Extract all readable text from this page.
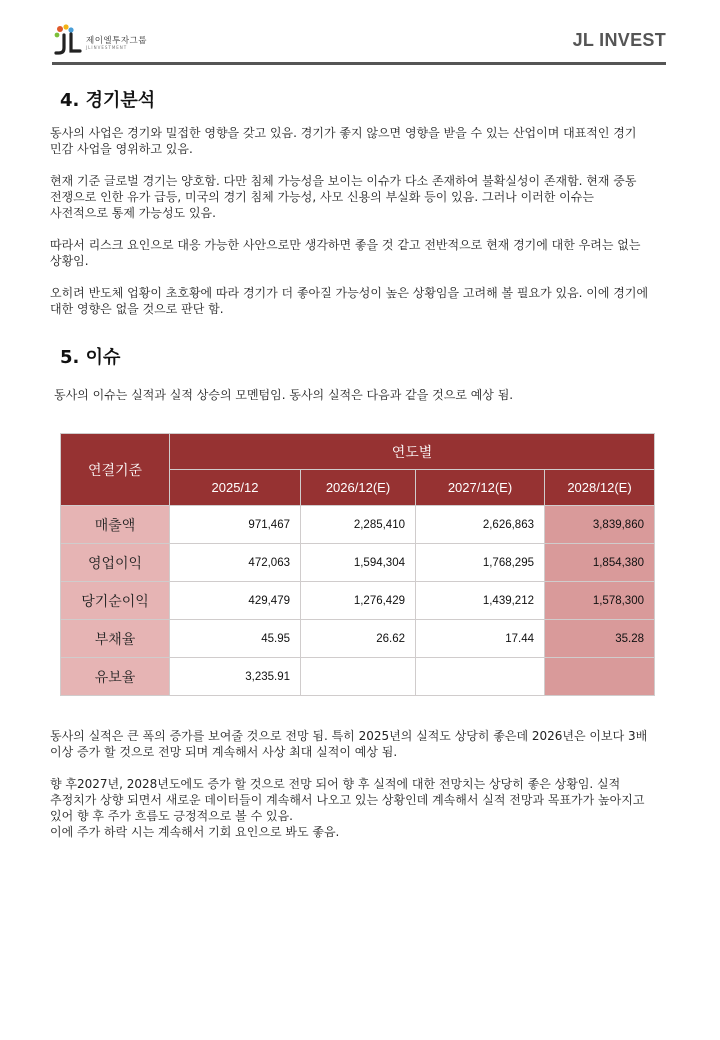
제이엘투자그룹
JLINVESTMENT	JL INVEST
4. 경기분석

동사의 사업은 경기와 밀접한 영향을 갖고 있음. 경기가 좋지 않으면 영향을 받을 수 있는 산업이며 대표적인 경기 민감 사업을 영위하고 있음.

현재 기준 글로벌 경기는 양호함. 다만 침체 가능성을 보이는 이슈가 다소 존재하여 불확실성이 존재함. 현재 중동 전쟁으로 인한 유가 급등, 미국의 경기 침체 가능성, 사모 신용의 부실화 등이 있음. 그러나 이러한 이슈는 사전적으로 통제 가능성도 있음.

따라서 리스크 요인으로 대응 가능한 사안으로만 생각하면 좋을 것 같고 전반적으로 현재 경기에 대한 우려는 없는 상황임.

오히려 반도체 업황이 초호황에 따라 경기가 더 좋아질 가능성이 높은 상황임을 고려해 볼 필요가 있음. 이에 경기에 대한 영향은 없을 것으로 판단 함.

5. 이슈

동사의 이슈는 실적과 실적 상승의 모멘텀임. 동사의 실적은 다음과 같을 것으로 예상 됨.

연결기준	연도별			
	2025/12	2026/12(E)	2027/12(E)	2028/12(E)
매출액	971,467	2,285,410	2,626,863	3,839,860
영업이익	472,063	1,594,304	1,768,295	1,854,380
당기순이익	429,479	1,276,429	1,439,212	1,578,300
부채율	45.95	26.62	17.44	35.28
유보율	3,235.91			

동사의 실적은 큰 폭의 증가를 보여줄 것으로 전망 됨. 특히 2025년의 실적도 상당히 좋은데 2026년은 이보다 3배 이상 증가 할 것으로 전망 되며 계속해서 사상 최대 실적이 예상 됨.

향 후2027년, 2028년도에도 증가 할 것으로 전망 되어 향 후 실적에 대한 전망치는 상당히 좋은 상황임. 실적 추정치가 상향 되면서 새로운 데이터들이 계속해서 나오고 있는 상황인데 계속해서 실적 전망과 목표가가 높아지고 있어 향 후 주가 흐름도 긍정적으로 볼 수 있음.
이에 주가 하락 시는 계속해서 기회 요인으로 봐도 좋음.
